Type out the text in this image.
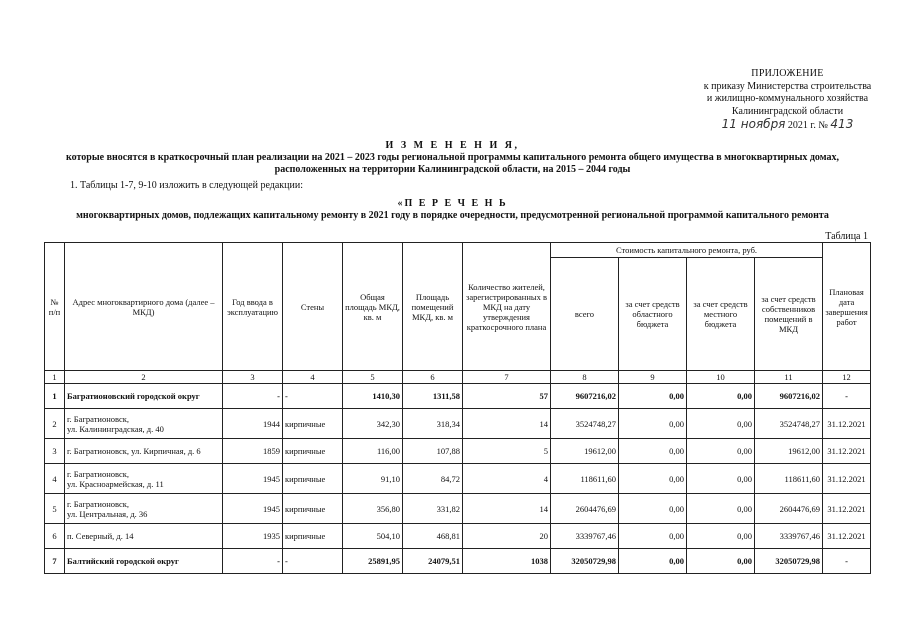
ПРИЛОЖЕНИЕ
к приказу Министерства строительства
и жилищно-коммунального хозяйства
Калининградской области
11 ноября 2021 г. № 413
И З М Е Н Е Н И Я,
которые вносятся в краткосрочный план реализации на 2021 – 2023 годы региональной программы капитального ремонта общего имущества в многоквартирных домах,
расположенных на территории Калининградской области, на 2015 – 2044 годы
1. Таблицы 1-7, 9-10 изложить в следующей редакции:
«П Е Р Е Ч Е Н Ь
многоквартирных домов, подлежащих капитальному ремонту в 2021 году в порядке очередности, предусмотренной региональной программой капитального ремонта
Таблица 1
№ п/п	Адрес многоквартирного дома (далее – МКД)	Год ввода в эксплуатацию	Стены	Общая площадь МКД, кв. м	Площадь помещений МКД, кв. м	Количество жителей, зарегистрированных в МКД на дату утверждения краткосрочного плана	Стоимость капитального ремонта, руб.				Плановая дата завершения работ
							всего	за счет средств областного бюджета	за счет средств местного бюджета	за счет средств собственников помещений в МКД	
1	2	3	4	5	6	7	8	9	10	11	12
1	Багратионовский городской округ	-	-	1410,30	1311,58	57	9607216,02	0,00	0,00	9607216,02	-
2	г. Багратионовск,
ул. Калининградская, д. 40	1944	кирпичные	342,30	318,34	14	3524748,27	0,00	0,00	3524748,27	31.12.2021
3	г. Багратионовск, ул. Кирпичная, д. 6	1859	кирпичные	116,00	107,88	5	19612,00	0,00	0,00	19612,00	31.12.2021
4	г. Багратионовск,
ул. Красноармейская, д. 11	1945	кирпичные	91,10	84,72	4	118611,60	0,00	0,00	118611,60	31.12.2021
5	г. Багратионовск,
ул. Центральная, д. 36	1945	кирпичные	356,80	331,82	14	2604476,69	0,00	0,00	2604476,69	31.12.2021
6	п. Северный, д. 14	1935	кирпичные	504,10	468,81	20	3339767,46	0,00	0,00	3339767,46	31.12.2021
7	Балтийский городской округ	-	-	25891,95	24079,51	1038	32050729,98	0,00	0,00	32050729,98	-
